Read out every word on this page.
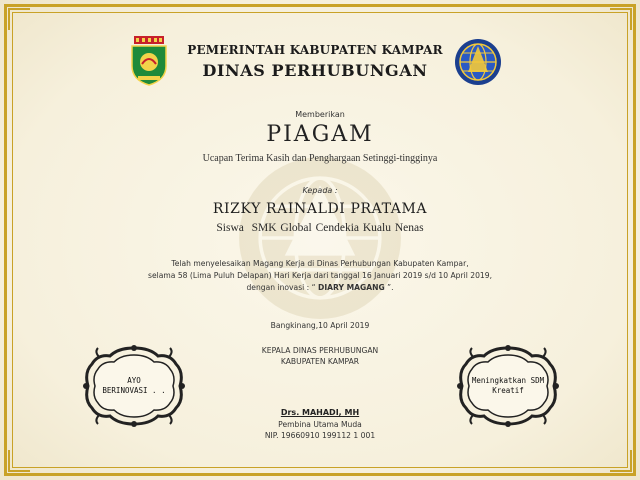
PEMERINTAH KABUPATEN KAMPAR
DINAS PERHUBUNGAN
Memberikan
PIAGAM
Ucapan Terima Kasih dan Penghargaan Setinggi-tingginya
Kepada :
RIZKY RAINALDI PRATAMA
Siswa  SMK Global Cendekia Kualu Nenas
Telah menyelesaikan Magang Kerja di Dinas Perhubungan Kabupaten Kampar,
selama 58 (Lima Puluh Delapan) Hari Kerja dari tanggal 16 Januari 2019 s/d 10 April 2019,
dengan inovasi : “ DIARY MAGANG ”.
Bangkinang,10 April 2019
KEPALA DINAS PERHUBUNGAN
KABUPATEN KAMPAR
Drs. MAHADI, MH
Pembina Utama Muda
NIP. 19660910 199112 1 001
AYO
BERINOVASI . .
Meningkatkan SDM
Kreatif
